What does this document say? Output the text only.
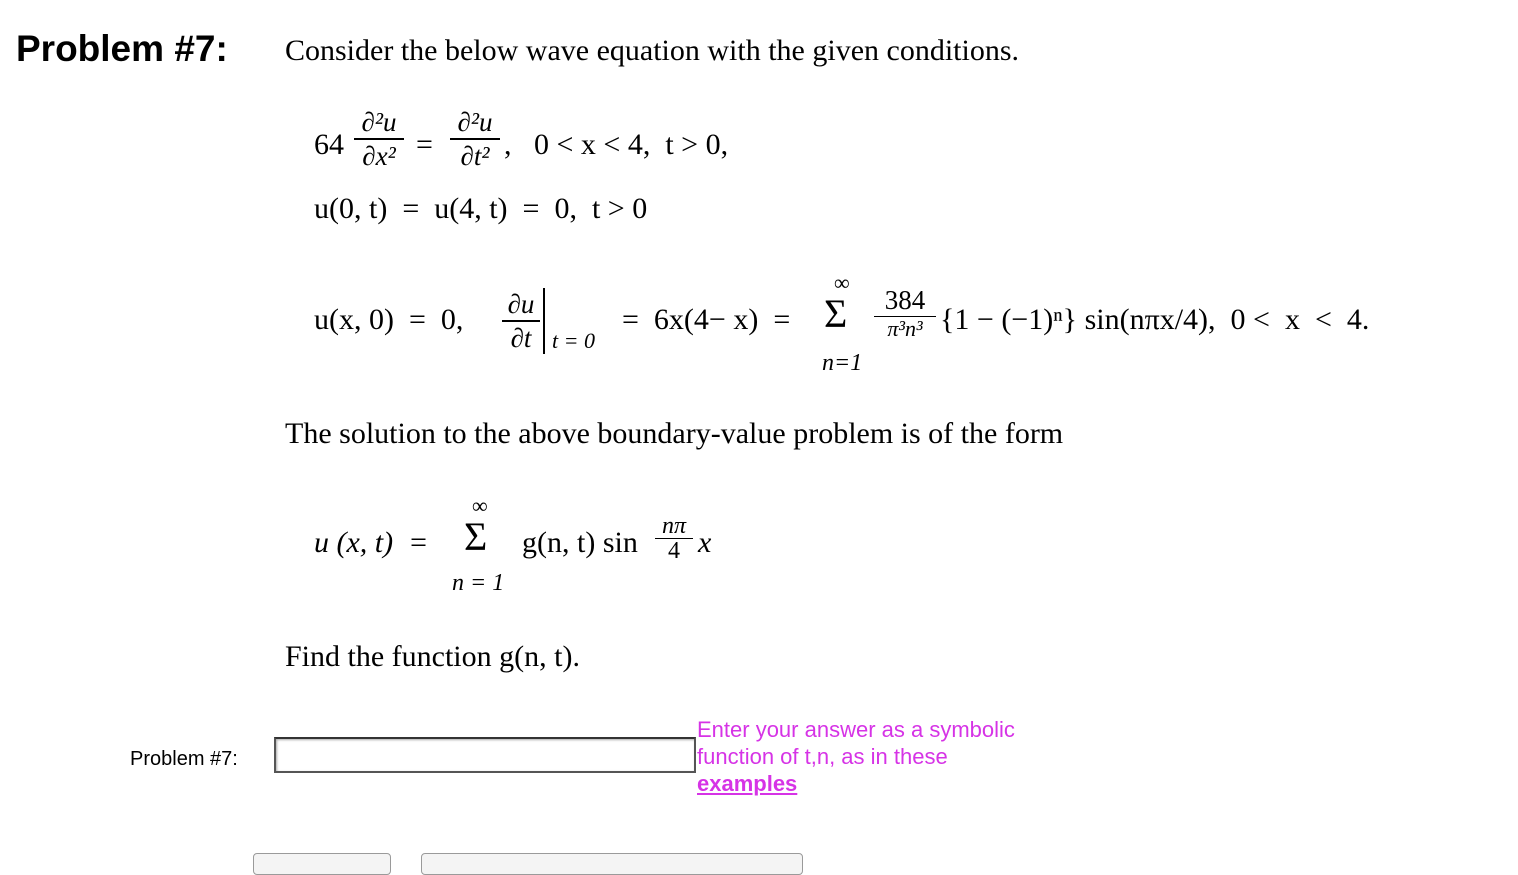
Problem #7: Consider the below wave equation with the given conditions.
64
∂²u
∂x² =
∂²u
∂t² ,   0 < x < 4,  t > 0,
u(0, t)  =  u(4, t)  =  0,  t > 0
u(x, 0)  =  0, ∂u
∂t t = 0
=  6x(4− x)  =
∞
Σ
n=1
384
π³n³ {1 − (−1)ⁿ} sin(nπx/4),  0 <  x  <  4.
The solution to the above boundary-value problem is of the form
u (x, t)  =
∞
Σ
n = 1
g(n, t) sin nπ
4 x
Find the function g(n, t).
Problem #7:
Enter your answer as a symbolic
function of t,n, as in these
examples
